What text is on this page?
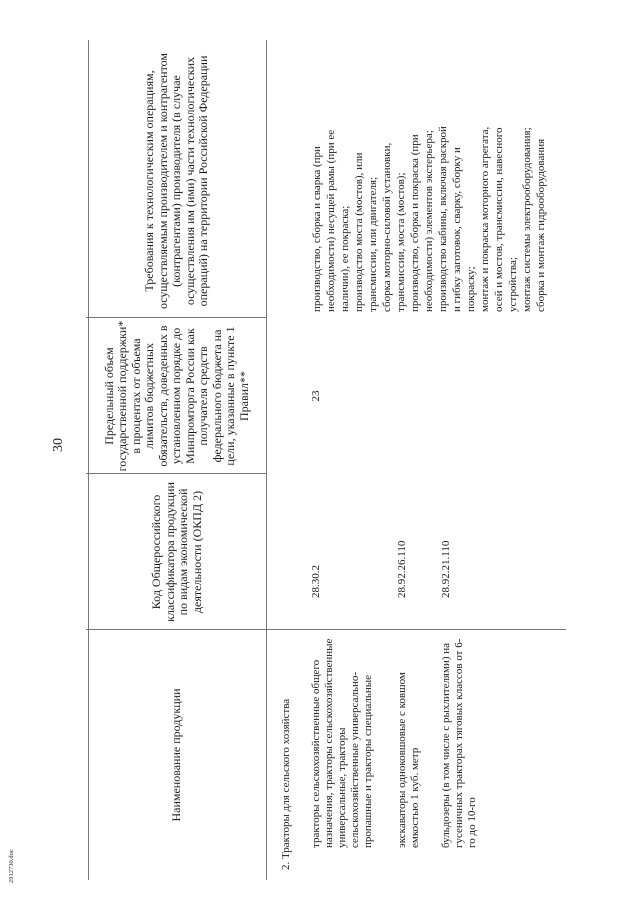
30
2912730.doc
Наименование продукции
Код Общероссийского классификатора продукции по видам экономической деятельности (ОКПД 2)
Предельный объем государственной поддержки* в процентах от объема лимитов бюджетных обязательств, доведенных в установленном порядке до Минпромторга России как получателя средств федерального бюджета на цели, указанные в пункте 1 Правил**
Требования к технологическим операциям, осуществляемым производителем и контрагентом (контрагентами) производителя (в случае осуществления им (ими) части технологических операций) на территории Российской Федерации
2. Тракторы для сельского хозяйства тракторы сельскохозяйственные общего назначения, тракторы сельскохозяйственные универсальные, тракторы сельскохозяйственные универсально-пропашные и тракторы специальные
28.30.2
23
экскаваторы одноковшовые с ковшом емкостью 1 куб. метр
28.92.26.110
бульдозеры (в том числе с рыхлителями) на гусеничных тракторах тяговых классов от 6-го до 10-го
28.92.21.110
производство, сборка и сварка (при необходимости) несущей рамы (при ее наличии), ее покраска; производство моста (мостов), или трансмиссии, или двигателя; сборка моторно-силовой установки, трансмиссии, моста (мостов); производство, сборка и покраска (при необходимости) элементов экстерьера; производство кабины, включая раскрой и гибку заготовок, сварку, сборку и покраску; монтаж и покраска моторного агрегата, осей и мостов, трансмиссии, навесного устройства; монтаж системы электрооборудования; сборка и монтаж гидрооборудования
